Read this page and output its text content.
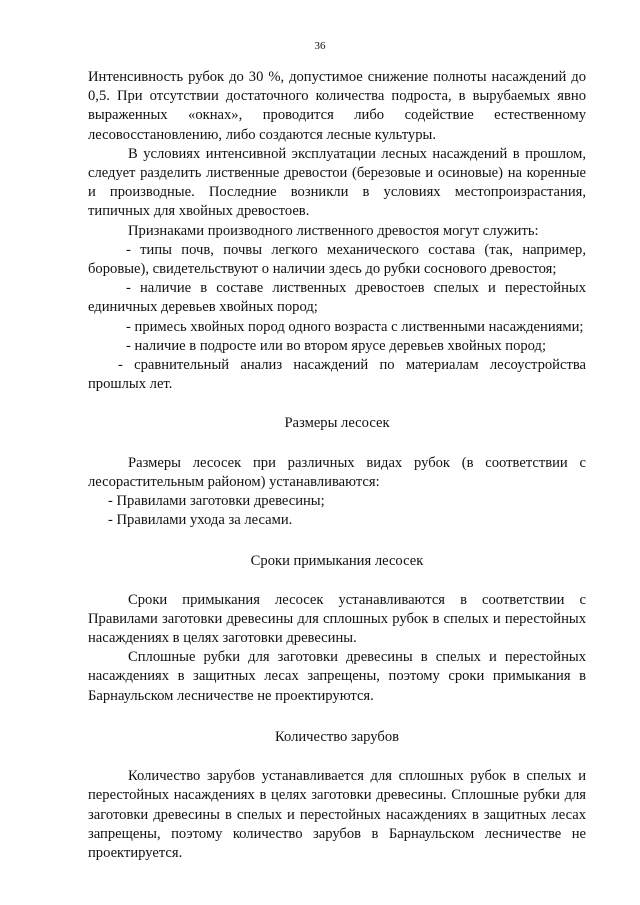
36

Интенсивность рубок до 30 %, допустимое снижение полноты насаждений до 0,5. При отсутствии достаточного количества подроста, в вырубаемых явно выраженных «окнах», проводится либо содействие естественному лесовосстановлению, либо создаются лесные культуры.

В условиях интенсивной эксплуатации лесных насаждений в прошлом, следует разделить лиственные древостои (березовые и осиновые) на коренные и производные. Последние возникли в условиях местопроизрастания, типичных для хвойных древостоев.

Признаками производного лиственного древостоя могут служить:

- типы почв, почвы легкого механического состава (так, например, боровые), свидетельствуют о наличии здесь до рубки соснового древостоя;

- наличие в составе лиственных древостоев спелых и перестойных единичных деревьев хвойных пород;

- примесь хвойных пород одного возраста с лиственными насаждениями;

- наличие в подросте или во втором ярусе деревьев хвойных пород;

- сравнительный анализ насаждений по материалам лесоустройства прошлых лет.

Размеры лесосек

Размеры лесосек при различных видах рубок (в соответствии с лесорастительным районом) устанавливаются:

- Правилами заготовки древесины;

- Правилами ухода за лесами.

Сроки примыкания лесосек

Сроки примыкания лесосек устанавливаются в соответствии с Правилами заготовки древесины для сплошных рубок в спелых и перестойных насаждениях в целях заготовки древесины.

Сплошные рубки для заготовки древесины в спелых и перестойных насаждениях в защитных лесах запрещены, поэтому сроки примыкания в Барнаульском лесничестве не проектируются.

Количество зарубов

Количество зарубов устанавливается для сплошных рубок в спелых и перестойных насаждениях в целях заготовки древесины. Сплошные рубки для заготовки древесины в спелых и перестойных насаждениях в защитных лесах запрещены, поэтому количество зарубов в Барнаульском лесничестве не проектируется.
